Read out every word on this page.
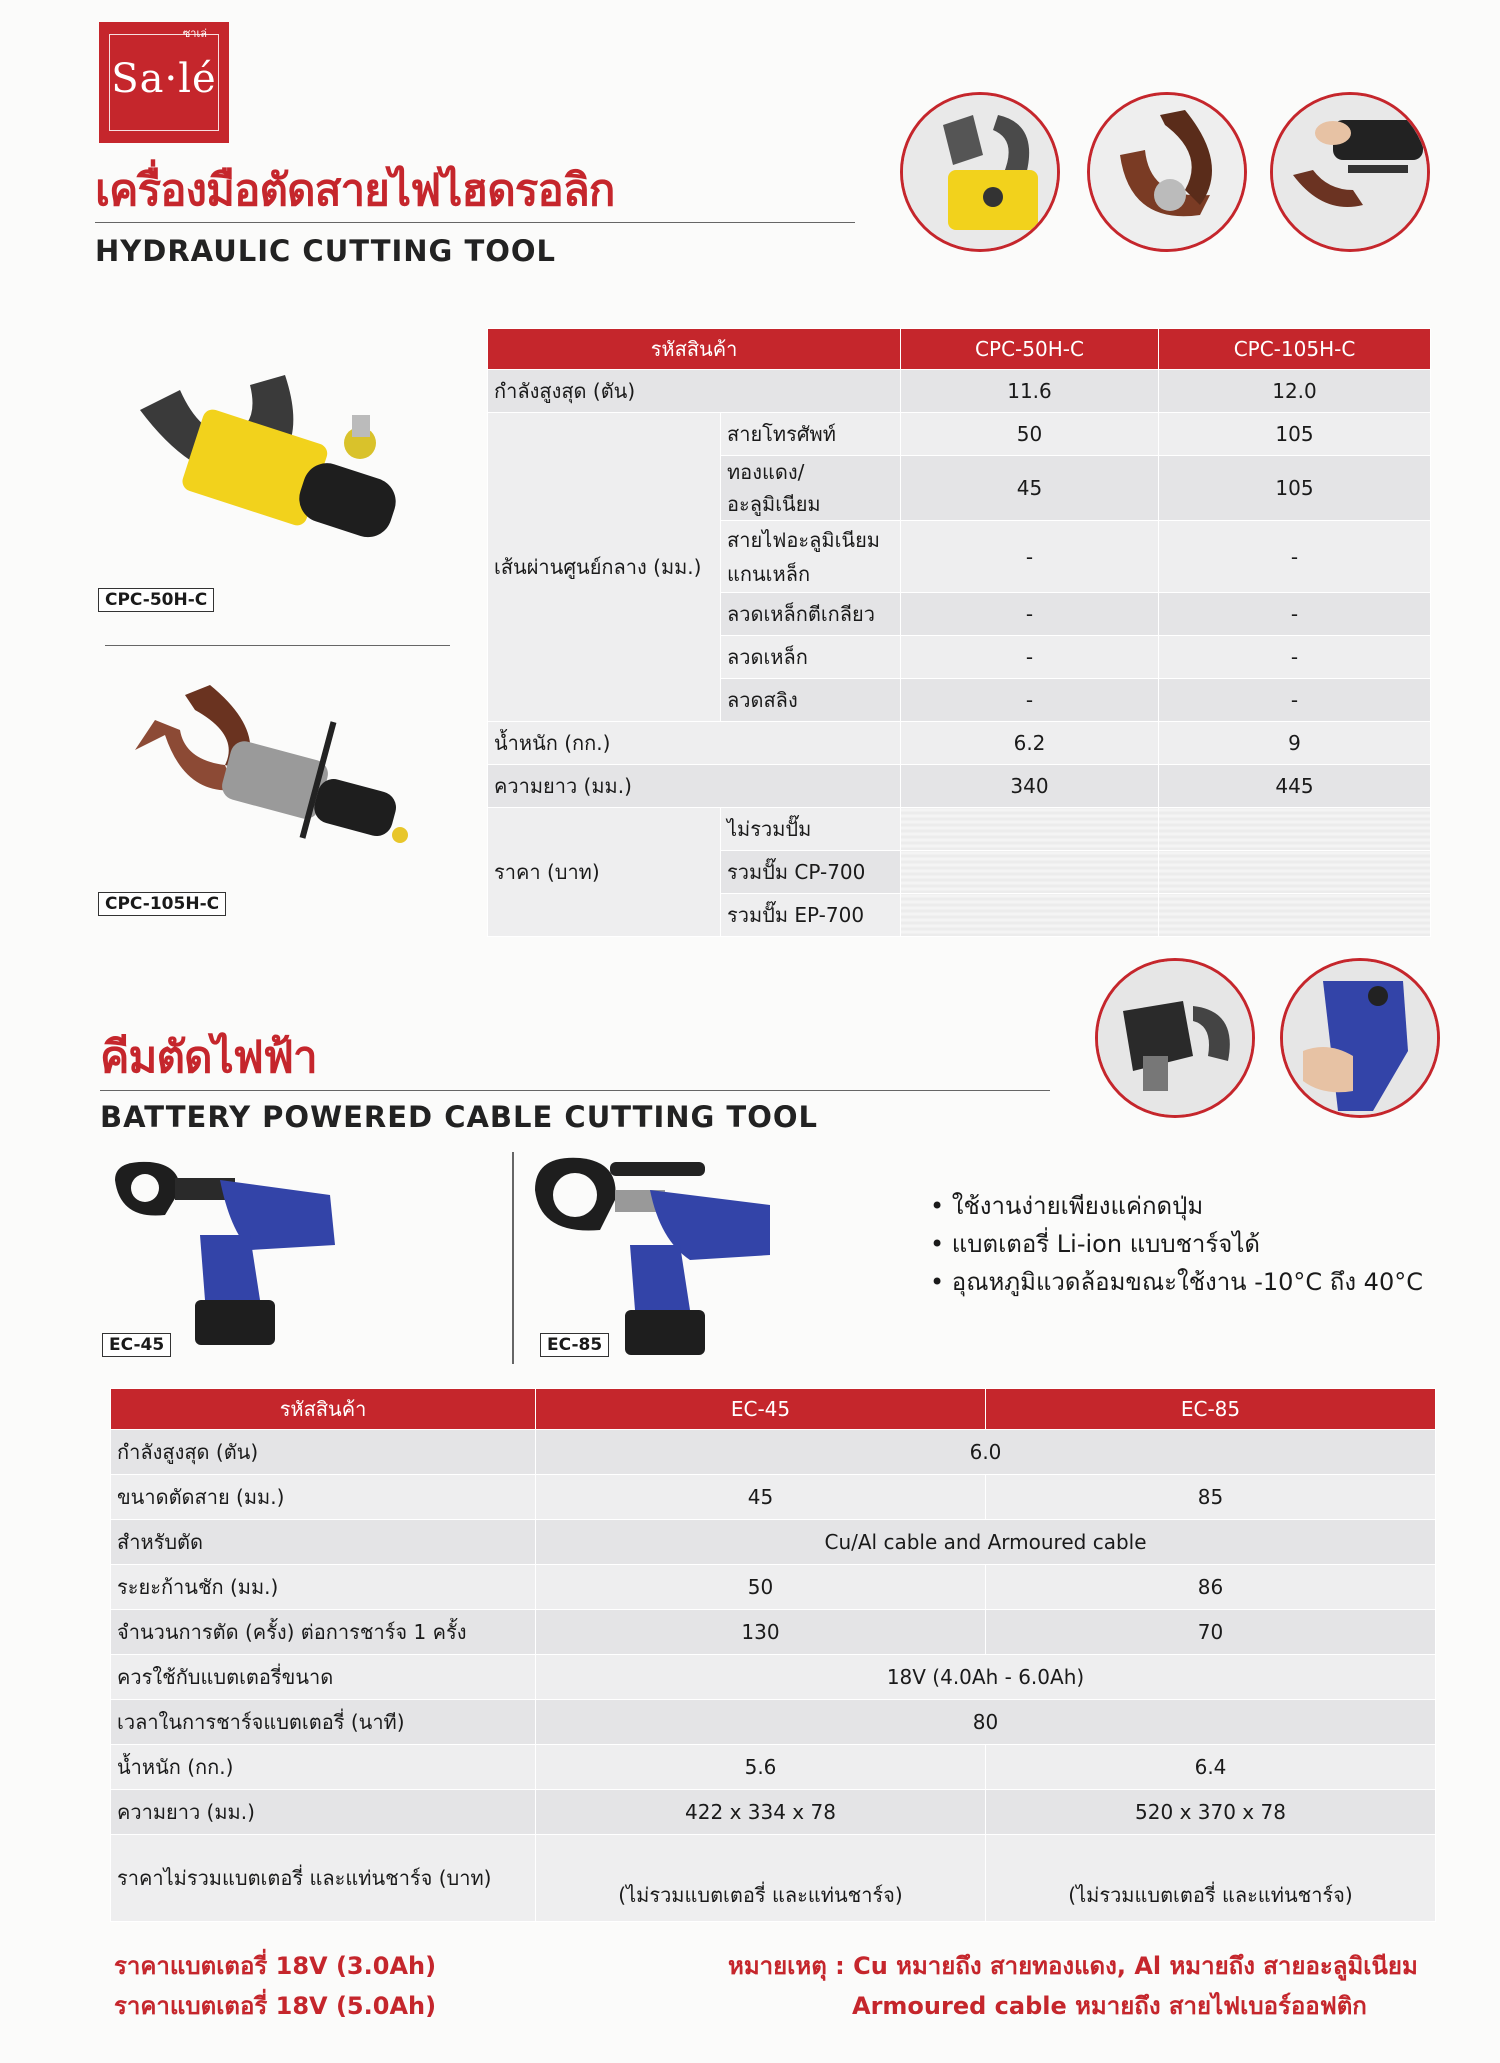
ซาเล่
Sa·lé
เครื่องมือตัดสายไฟไฮดรอลิก
HYDRAULIC CUTTING TOOL
CPC-50H-C
CPC-105H-C
รหัสสินค้า		CPC-50H-C	CPC-105H-C
กำลังสูงสุด (ตัน)		11.6	12.0
เส้นผ่านศูนย์กลาง (มม.)	สายโทรศัพท์	50	105
	ทองแดง/อะลูมิเนียม	45	105
	สายไฟอะลูมิเนียม แกนเหล็ก	-	-
	ลวดเหล็กตีเกลียว	-	-
	ลวดเหล็ก	-	-
	ลวดสลิง	-	-
น้ำหนัก (กก.)		6.2	9
ความยาว (มม.)		340	445
ราคา (บาท)	ไม่รวมปั๊ม		
	รวมปั๊ม CP-700		
	รวมปั๊ม EP-700		
คีมตัดไฟฟ้า
BATTERY POWERED CABLE CUTTING TOOL
EC-45	EC-85
• ใช้งานง่ายเพียงแค่กดปุ่ม
• แบตเตอรี่ Li-ion แบบชาร์จได้
• อุณหภูมิแวดล้อมขณะใช้งาน -10°C ถึง 40°C
รหัสสินค้า	EC-45	EC-85
กำลังสูงสุด (ตัน)	6.0	
ขนาดตัดสาย (มม.)	45	85
สำหรับตัด	Cu/Al cable and Armoured cable	
ระยะก้านชัก (มม.)	50	86
จำนวนการตัด (ครั้ง) ต่อการชาร์จ 1 ครั้ง	130	70
ควรใช้กับแบตเตอรี่ขนาด	18V (4.0Ah - 6.0Ah)	
เวลาในการชาร์จแบตเตอรี่ (นาที)	80	
น้ำหนัก (กก.)	5.6	6.4
ความยาว (มม.)	422 x 334 x 78	520 x 370 x 78
ราคาไม่รวมแบตเตอรี่ และแท่นชาร์จ (บาท)	(ไม่รวมแบตเตอรี่ และแท่นชาร์จ)	(ไม่รวมแบตเตอรี่ และแท่นชาร์จ)
ราคาแบตเตอรี่ 18V (3.0Ah)
ราคาแบตเตอรี่ 18V (5.0Ah)
หมายเหตุ : Cu หมายถึง สายทองแดง, Al หมายถึง สายอะลูมิเนียม
Armoured cable หมายถึง สายไฟเบอร์ออฟติก
